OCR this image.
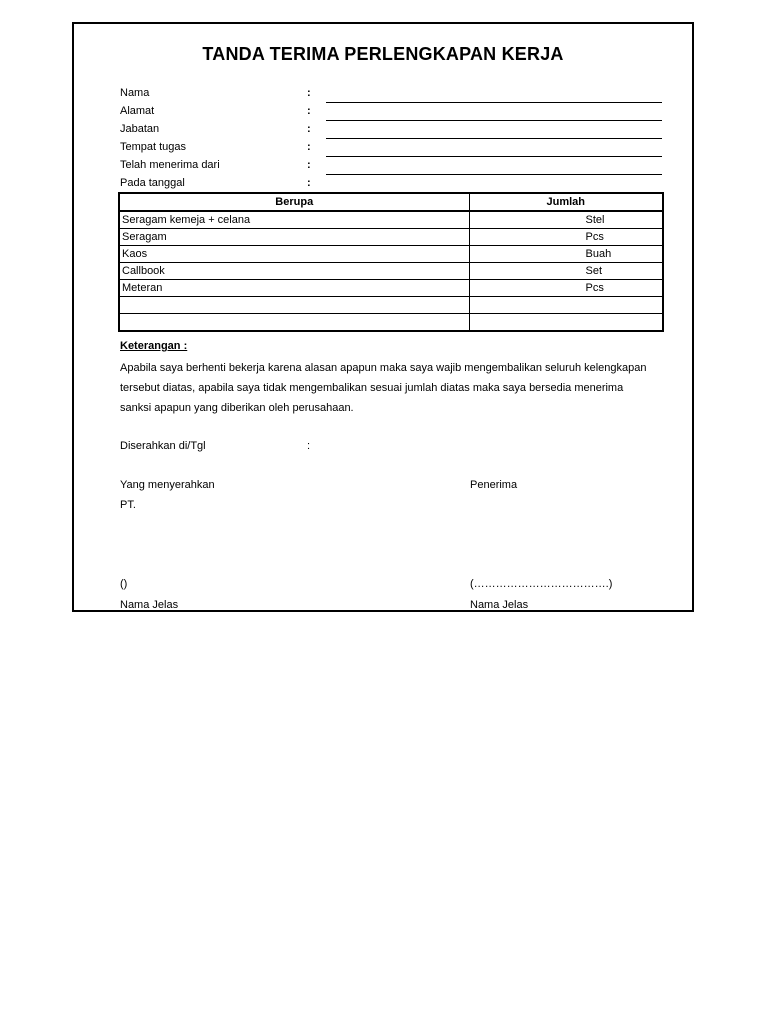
TANDA TERIMA PERLENGKAPAN KERJA
Nama	:
Alamat	:
Jabatan	:
Tempat tugas	:
Telah menerima dari	:
Pada tanggal	:
Berupa	Jumlah
Seragam kemeja + celana	Stel
Seragam	Pcs
Kaos	Buah
Callbook	Set
Meteran	Pcs

Keterangan :
Apabila saya berhenti bekerja karena alasan apapun maka saya wajib mengembalikan seluruh kelengkapan tersebut diatas, apabila saya tidak mengembalikan sesuai jumlah diatas maka saya bersedia menerima sanksi apapun yang diberikan oleh perusahaan.
Diserahkan di/Tgl	:
Yang menyerahkan
PT.
Penerima
()
Nama Jelas
(……………………………….)
Nama Jelas
